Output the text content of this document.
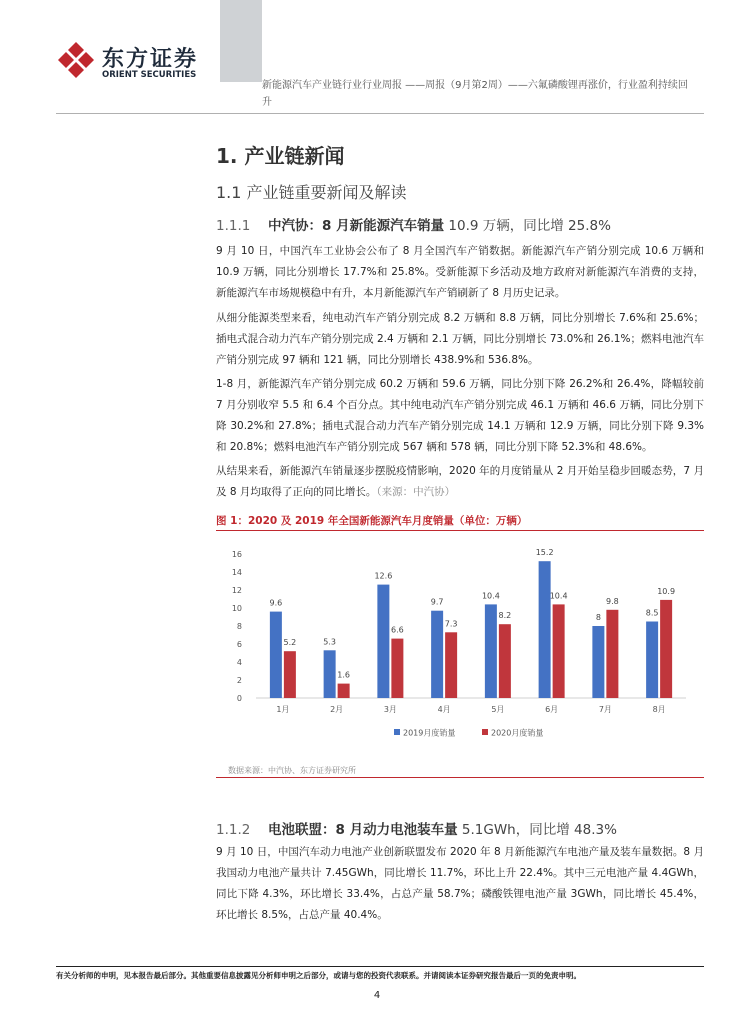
东方证券
ORIENT SECURITIES
新能源汽车产业链行业行业周报 ——周报（9月第2周）——六氟磷酸锂再涨价，行业盈利持续回升
1. 产业链新闻
1.1 产业链重要新闻及解读
1.1.1 中汽协：8 月新能源汽车销量 10.9 万辆，同比增 25.8%
9 月 10 日，中国汽车工业协会公布了 8 月全国汽车产销数据。新能源汽车产销分别完成 10.6 万辆和 10.9 万辆，同比分别增长 17.7%和 25.8%。受新能源下乡活动及地方政府对新能源汽车消费的支持，新能源汽车市场规模稳中有升，本月新能源汽车产销刷新了 8 月历史记录。
从细分能源类型来看，纯电动汽车产销分别完成 8.2 万辆和 8.8 万辆，同比分别增长 7.6%和 25.6%；插电式混合动力汽车产销分别完成 2.4 万辆和 2.1 万辆，同比分别增长 73.0%和 26.1%；燃料电池汽车产销分别完成 97 辆和 121 辆，同比分别增长 438.9%和 536.8%。
1-8 月，新能源汽车产销分别完成 60.2 万辆和 59.6 万辆，同比分别下降 26.2%和 26.4%，降幅较前 7 月分别收窄 5.5 和 6.4 个百分点。其中纯电动汽车产销分别完成 46.1 万辆和 46.6 万辆，同比分别下降 30.2%和 27.8%；插电式混合动力汽车产销分别完成 14.1 万辆和 12.9 万辆，同比分别下降 9.3%和 20.8%；燃料电池汽车产销分别完成 567 辆和 578 辆，同比分别下降 52.3%和 48.6%。
从结果来看，新能源汽车销量逐步摆脱疫情影响，2020 年的月度销量从 2 月开始呈稳步回暖态势，7 月及 8 月均取得了正向的同比增长。（来源：中汽协）
图 1：2020 及 2019 年全国新能源汽车月度销量（单位：万辆）
0
2
4
6
8
10
12
14
16
9.6
5.2
1月
5.3
1.6
2月
12.6
6.6
3月
9.7
7.3
4月
10.4
8.2
5月
15.2
10.4
6月
8
9.8
7月
8.5
10.9
8月
2019月度销量	2020月度销量
数据来源：中汽协、东方证券研究所
1.1.2 电池联盟：8 月动力电池装车量 5.1GWh，同比增 48.3%
9 月 10 日，中国汽车动力电池产业创新联盟发布 2020 年 8 月新能源汽车电池产量及装车量数据。8 月我国动力电池产量共计 7.45GWh，同比增长 11.7%，环比上升 22.4%。其中三元电池产量 4.4GWh，同比下降 4.3%，环比增长 33.4%，占总产量 58.7%；磷酸铁锂电池产量 3GWh，同比增长 45.4%，环比增长 8.5%，占总产量 40.4%。
有关分析师的申明，见本报告最后部分。其他重要信息披露见分析师申明之后部分，或请与您的投资代表联系。并请阅读本证券研究报告最后一页的免责申明。
4
